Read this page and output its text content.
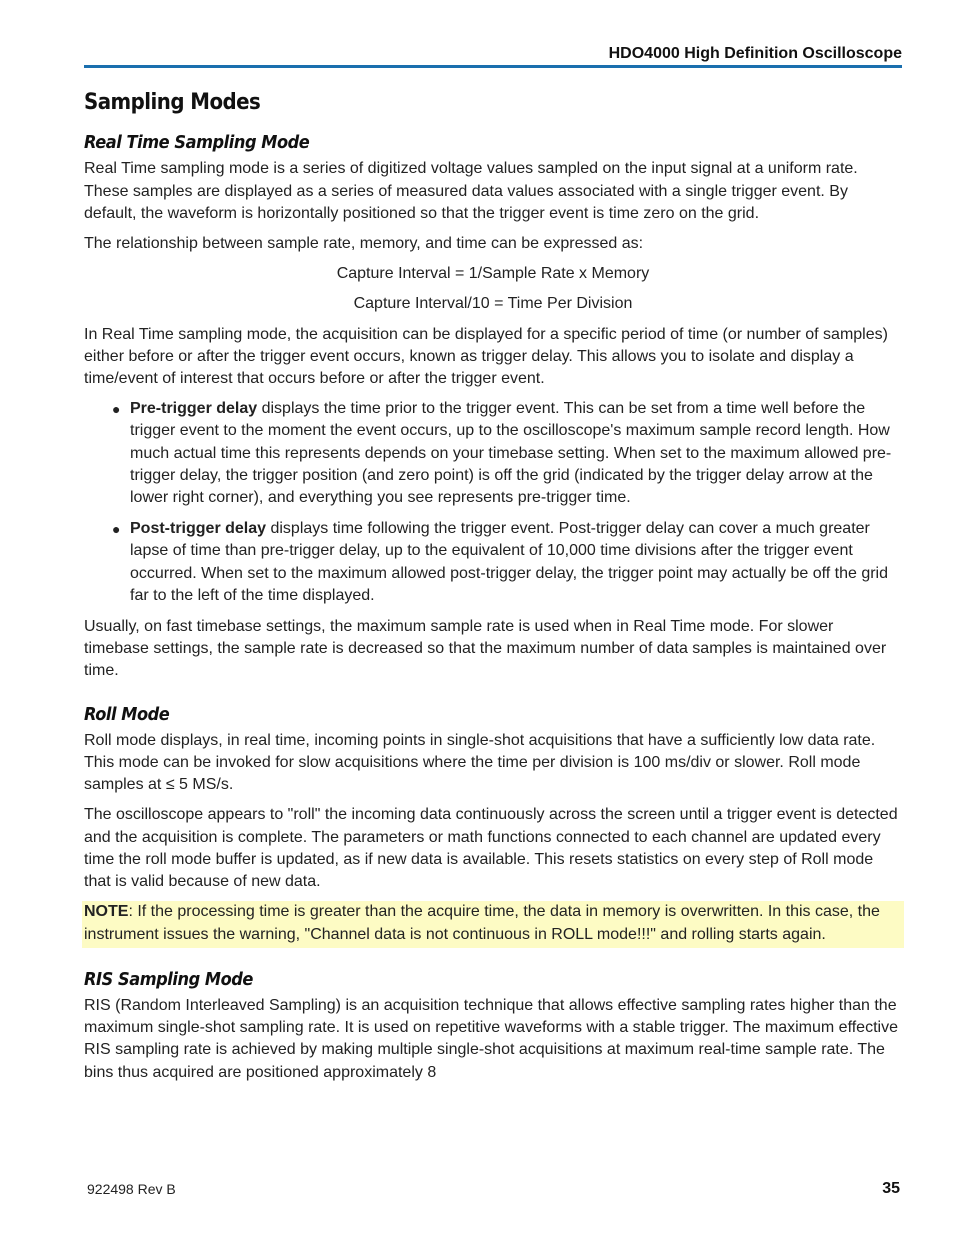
HDO4000 High Definition Oscilloscope
Sampling Modes
Real Time Sampling Mode

Real Time sampling mode is a series of digitized voltage values sampled on the input signal at a uniform rate. These samples are displayed as a series of measured data values associated with a single trigger event. By default, the waveform is horizontally positioned so that the trigger event is time zero on the grid.

The relationship between sample rate, memory, and time can be expressed as:

Capture Interval = 1/Sample Rate x Memory
Capture Interval/10 = Time Per Division

In Real Time sampling mode, the acquisition can be displayed for a specific period of time (or number of samples) either before or after the trigger event occurs, known as trigger delay. This allows you to isolate and display a time/event of interest that occurs before or after the trigger event.

● Pre-trigger delay displays the time prior to the trigger event. This can be set from a time well before the trigger event to the moment the event occurs, up to the oscilloscope's maximum sample record length. How much actual time this represents depends on your timebase setting. When set to the maximum allowed pre-trigger delay, the trigger position (and zero point) is off the grid (indicated by the trigger delay arrow at the lower right corner), and everything you see represents pre-trigger time.
● Post-trigger delay displays time following the trigger event. Post-trigger delay can cover a much greater lapse of time than pre-trigger delay, up to the equivalent of 10,000 time divisions after the trigger event occurred. When set to the maximum allowed post-trigger delay, the trigger point may actually be off the grid far to the left of the time displayed.

Usually, on fast timebase settings, the maximum sample rate is used when in Real Time mode. For slower timebase settings, the sample rate is decreased so that the maximum number of data samples is maintained over time.

Roll Mode

Roll mode displays, in real time, incoming points in single-shot acquisitions that have a sufficiently low data rate. This mode can be invoked for slow acquisitions where the time per division is 100 ms/div or slower. Roll mode samples at ≤ 5 MS/s.

The oscilloscope appears to "roll" the incoming data continuously across the screen until a trigger event is detected and the acquisition is complete. The parameters or math functions connected to each channel are updated every time the roll mode buffer is updated, as if new data is available. This resets statistics on every step of Roll mode that is valid because of new data.

NOTE: If the processing time is greater than the acquire time, the data in memory is overwritten. In this case, the instrument issues the warning, "Channel data is not continuous in ROLL mode!!!" and rolling starts again.
RIS Sampling Mode

RIS (Random Interleaved Sampling) is an acquisition technique that allows effective sampling rates higher than the maximum single-shot sampling rate. It is used on repetitive waveforms with a stable trigger. The maximum effective RIS sampling rate is achieved by making multiple single-shot acquisitions at maximum real-time sample rate. The bins thus acquired are positioned approximately 8

922498 Rev B	35
